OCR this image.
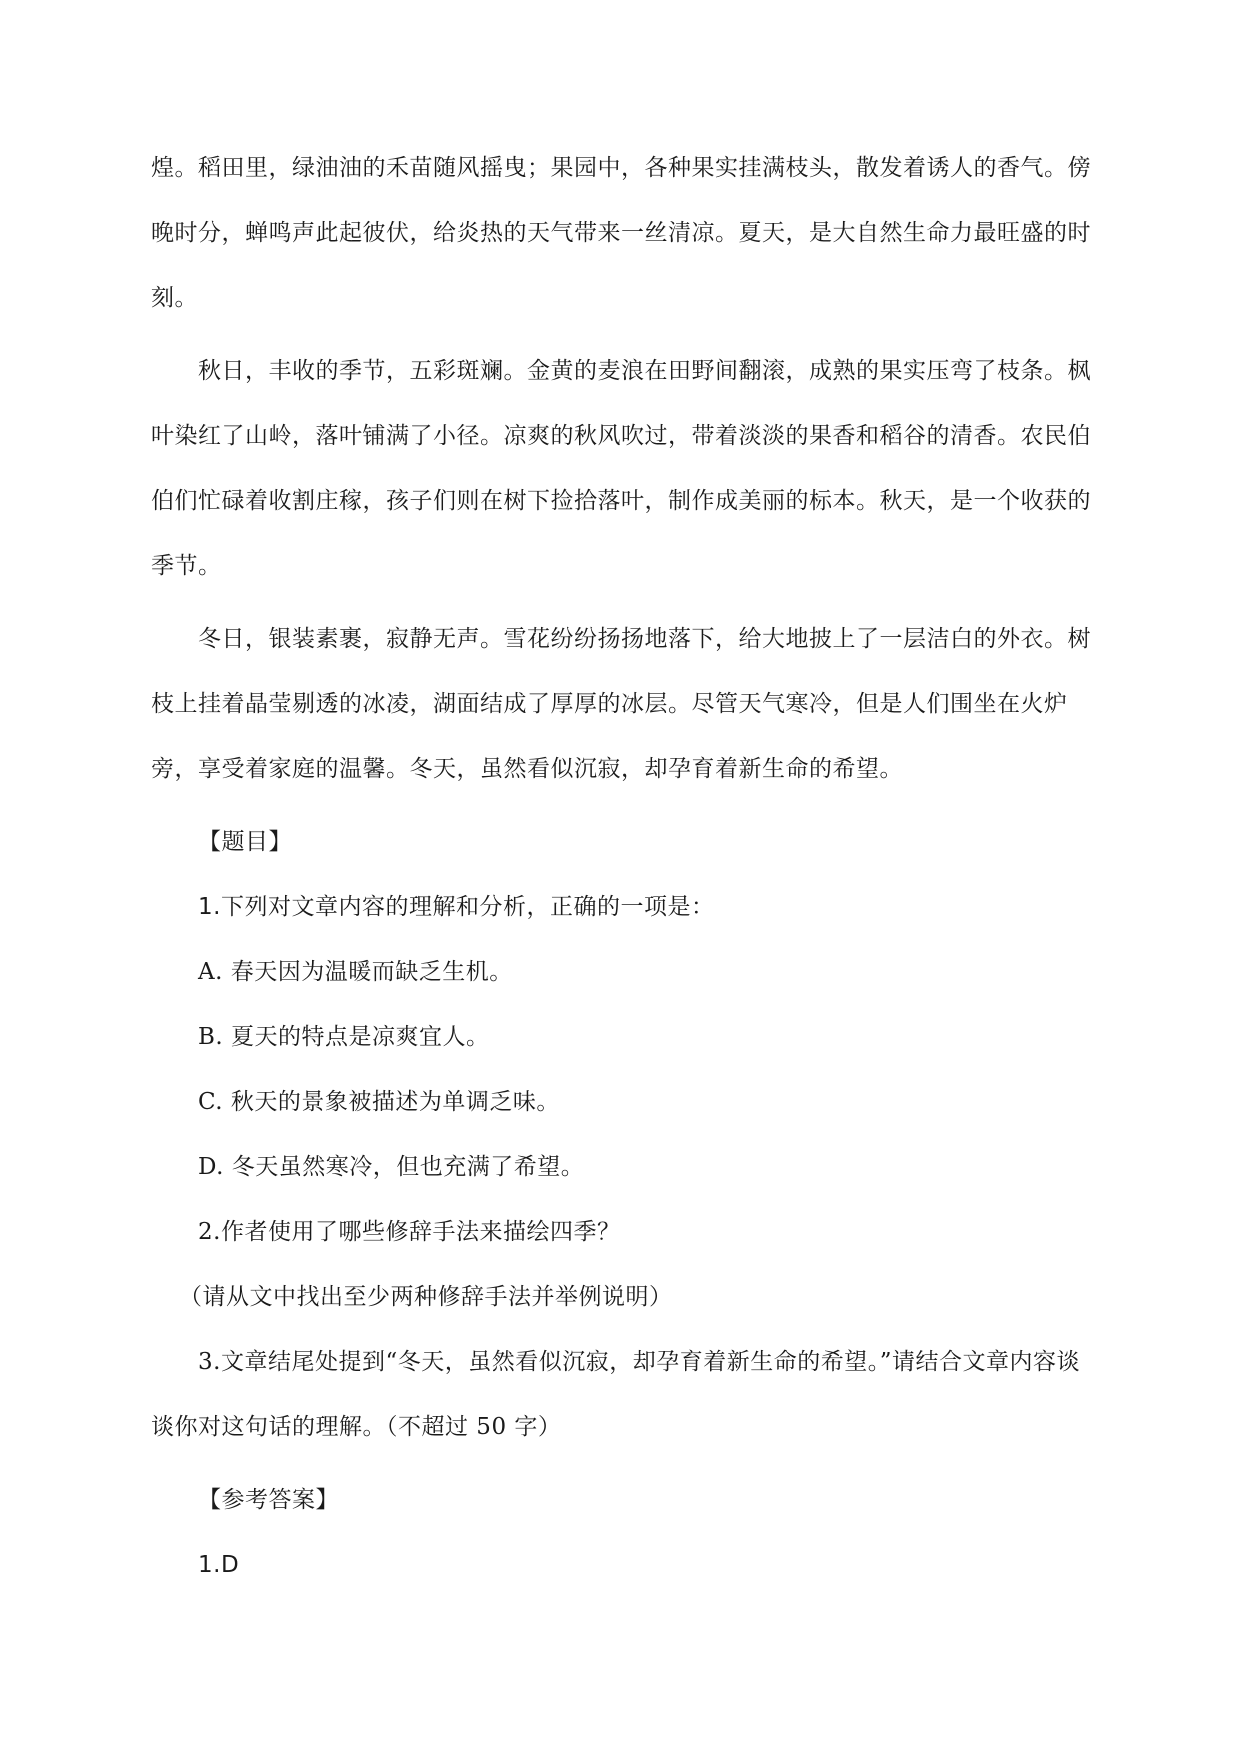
煌。稻田里，绿油油的禾苗随风摇曳；果园中，各种果实挂满枝头，散发着诱人的香气。傍晚时分，蝉鸣声此起彼伏，给炎热的天气带来一丝清凉。夏天，是大自然生命力最旺盛的时刻。

秋日，丰收的季节，五彩斑斓。金黄的麦浪在田野间翻滚，成熟的果实压弯了枝条。枫叶染红了山岭，落叶铺满了小径。凉爽的秋风吹过，带着淡淡的果香和稻谷的清香。农民伯伯们忙碌着收割庄稼，孩子们则在树下捡拾落叶，制作成美丽的标本。秋天，是一个收获的季节。

冬日，银装素裹，寂静无声。雪花纷纷扬扬地落下，给大地披上了一层洁白的外衣。树枝上挂着晶莹剔透的冰凌，湖面结成了厚厚的冰层。尽管天气寒冷，但是人们围坐在火炉旁，享受着家庭的温馨。冬天，虽然看似沉寂，却孕育着新生命的希望。

【题目】

1.下列对文章内容的理解和分析，正确的一项是：

A. 春天因为温暖而缺乏生机。

B. 夏天的特点是凉爽宜人。

C. 秋天的景象被描述为单调乏味。

D. 冬天虽然寒冷，但也充满了希望。

2.作者使用了哪些修辞手法来描绘四季？

（请从文中找出至少两种修辞手法并举例说明）

3.文章结尾处提到“冬天，虽然看似沉寂，却孕育着新生命的希望。”请结合文章内容谈谈你对这句话的理解。（不超过 50 字）

【参考答案】

1.D
